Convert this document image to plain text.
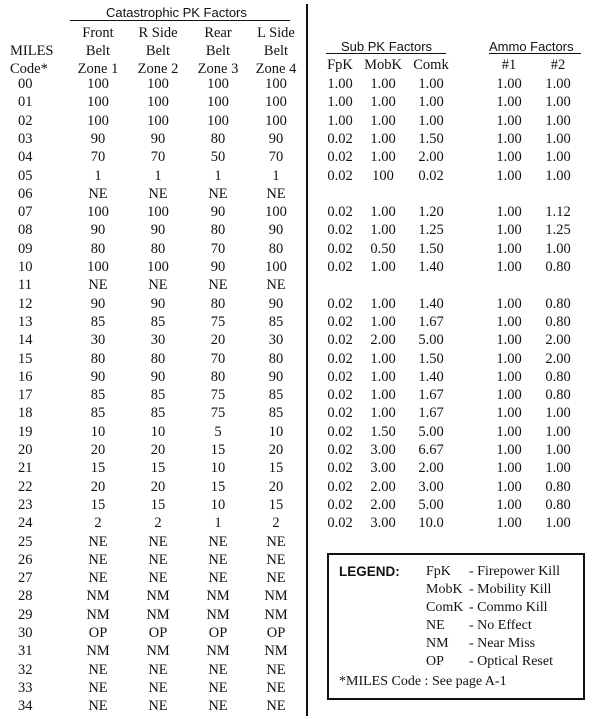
Catastrophic PK Factors
MILES
Code*
Front
Belt
Zone 1
R Side
Belt
Zone 2
Rear
Belt
Zone 3
L Side
Belt
Zone 4
00	100	100	100	100
01	100	100	100	100
02	100	100	100	100
03	90	90	80	90
04	70	70	50	70
05	1	1	1	1
06	NE	NE	NE	NE
07	100	100	90	100
08	90	90	80	90
09	80	80	70	80
10	100	100	90	100
11	NE	NE	NE	NE
12	90	90	80	90
13	85	85	75	85
14	30	30	20	30
15	80	80	70	80
16	90	90	80	90
17	85	85	75	85
18	85	85	75	85
19	10	10	5	10
20	20	20	15	20
21	15	15	10	15
22	20	20	15	20
23	15	15	10	15
24	2	2	1	2
25	NE	NE	NE	NE
26	NE	NE	NE	NE
27	NE	NE	NE	NE
28	NM	NM	NM	NM
29	NM	NM	NM	NM
30	OP	OP	OP	OP
31	NM	NM	NM	NM
32	NE	NE	NE	NE
33	NE	NE	NE	NE
34	NE	NE	NE	NE
Sub PK Factors
FpK MobK Comk
1.00	1.00	1.00
1.00	1.00	1.00
1.00	1.00	1.00
0.02	1.00	1.50
0.02	1.00	2.00
0.02	100	0.02
0.02	1.00	1.20
0.02	1.00	1.25
0.02	0.50	1.50
0.02	1.00	1.40
0.02	1.00	1.40
0.02	1.00	1.67
0.02	2.00	5.00
0.02	1.00	1.50
0.02	1.00	1.40
0.02	1.00	1.67
0.02	1.00	1.67
0.02	1.50	5.00
0.02	3.00	6.67
0.02	3.00	2.00
0.02	2.00	3.00
0.02	2.00	5.00
0.02	3.00	10.0
Ammo Factors
#1	#2
1.00	1.00
1.00	1.00
1.00	1.00
1.00	1.00
1.00	1.00
1.00	1.00
1.00	1.12
1.00	1.25
1.00	1.00
1.00	0.80
1.00	0.80
1.00	0.80
1.00	2.00
1.00	2.00
1.00	0.80
1.00	0.80
1.00	1.00
1.00	1.00
1.00	1.00
1.00	1.00
1.00	0.80
1.00	0.80
1.00	1.00
LEGEND: FpK - Firepower Kill
MobK - Mobility Kill
ComK - Commo Kill
NE - No Effect
NM - Near Miss
OP - Optical Reset
*MILES Code : See page A-1
